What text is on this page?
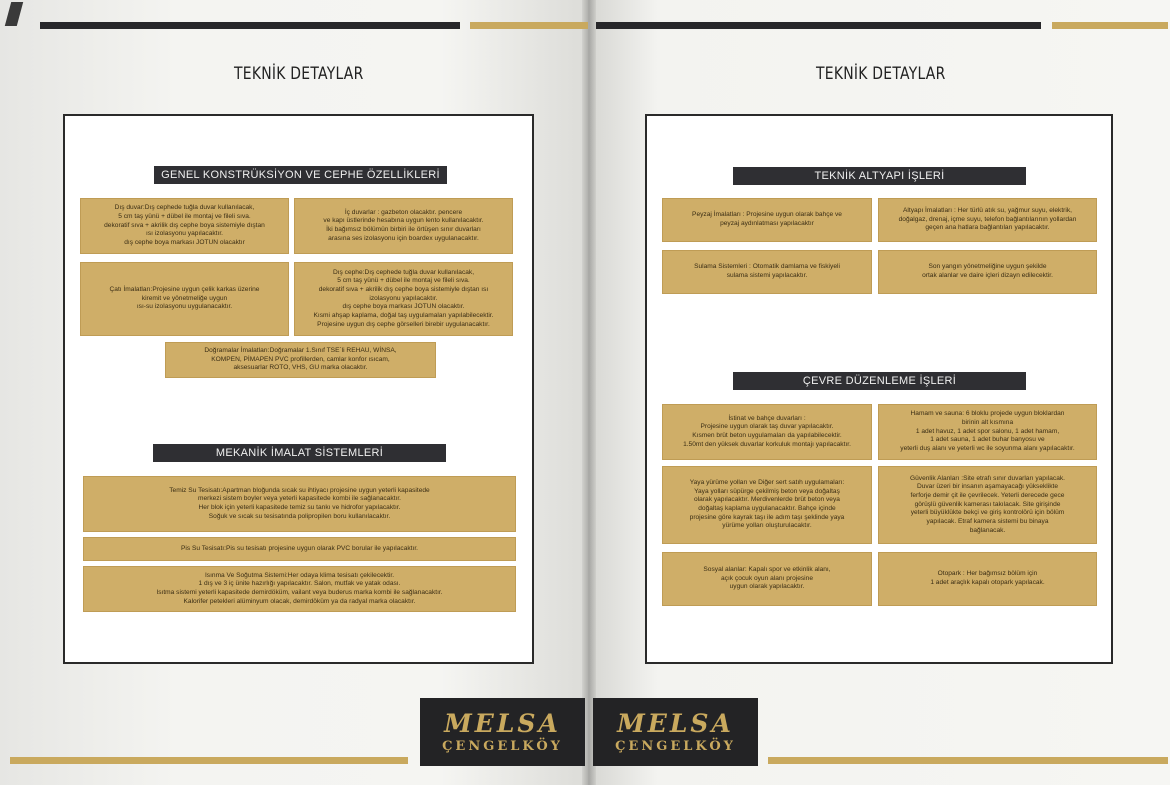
TEKNİK DETAYLAR	TEKNİK DETAYLAR
GENEL KONSTRÜKSİYON VE CEPHE ÖZELLİKLERİ
Dış duvar:Dış cephede tuğla duvar kullanılacak,
5 cm taş yünü + dübel ile montaj ve fileli sıva.
dekoratif sıva + akrilik dış cephe boya sistemiyle dıştan
ısı izolasyonu yapılacaktır.
dış cephe boya markası JOTUN olacaktır
İç duvarlar : gazbeton olacaktır. pencere
ve kapı üstlerinde hesabına uygun lento kullanılacaktır.
İki bağımsız bölümün birbiri ile örtüşen sınır duvarları
arasına ses izolasyonu için boardex uygulanacaktır.
Çatı İmalatları:Projesine uygun çelik karkas üzerine
kiremit ve yönetmeliğe uygun
ısı-su izolasyonu uygulanacaktır.
Dış cephe:Dış cephede tuğla duvar kullanılacak,
5 cm taş yünü + dübel ile montaj ve fileli sıva.
dekoratif sıva + akrilik dış cephe boya sistemiyle dıştan ısı
izolasyonu yapılacaktır.
dış cephe boya markası JOTUN olacaktır.
Kısmi ahşap kaplama, doğal taş uygulamaları yapılabilecektir.
Projesine uygun dış cephe görselleri birebir uygulanacaktır.
Doğramalar İmalatları:Doğramalar 1.Sınıf TSE`li REHAU, WİNSA,
KOMPEN, PİMAPEN PVC profillerden, camlar konfor ısıcam,
aksesuarlar ROTO, VHS, GU marka olacaktır.
MEKANİK İMALAT SİSTEMLERİ
Temiz Su Tesisatı:Apartman bloğunda sıcak su ihtiyacı projesine uygun yeterli kapasitede
merkezi sistem boyler veya yeterli kapasitede kombi ile sağlanacaktır.
Her blok için yeterli kapasitede temiz su tankı ve hidrofor yapılacaktır.
Soğuk ve sıcak su tesisatında polipropilen boru kullanılacaktır.
Pis Su Tesisatı:Pis su tesisatı projesine uygun olarak PVC borular ile yapılacaktır.
Isınma Ve Soğutma Sistemi:Her odaya klima tesisatı çekilecektir.
1 dış ve 3 iç ünite hazırlığı yapılacaktır. Salon, mutfak ve yatak odası.
Isıtma sistemi yeterli kapasitede demirdöküm, vailant veya buderus marka kombi ile sağlanacaktır.
Kalorifer petekleri alüminyum olacak, demirdöküm ya da radyal marka olacaktır.
TEKNİK ALTYAPI İŞLERİ
Peyzaj İmalatları : Projesine uygun olarak bahçe ve
peyzaj aydınlatması yapılacaktır
Altyapı İmalatları : Her türlü atık su, yağmur suyu, elektrik,
doğalgaz, drenaj, içme suyu, telefon bağlantılarının yollardan
geçen ana hatlara bağlantıları yapılacaktır.
Sulama Sistemleri : Otomatik damlama ve fiskiyeli
sulama sistemi yapılacaktır.
Son yangın yönetmeliğine uygun şekilde
ortak alanlar ve daire içleri dizayn edilecektir.
ÇEVRE DÜZENLEME İŞLERİ
İstinat ve bahçe duvarları :
Projesine uygun olarak taş duvar yapılacaktır.
Kısmen brüt beton uygulamaları da yapılabilecektir.
1.50mt den yüksek duvarlar korkuluk montajı yapılacaktır.
Hamam ve sauna: 6 bloklu projede uygun bloklardan
birinin alt kısmına
1 adet havuz, 1 adet spor salonu, 1 adet hamam,
1 adet sauna, 1 adet buhar banyosu ve
yeterli duş alanı ve yeterli wc ile soyunma alanı yapılacaktır.
Yaya yürüme yolları ve Diğer sert satıh uygulamaları:
Yaya yolları süpürge çekilmiş beton veya doğaltaş
olarak yapılacaktır. Merdivenlerde brüt beton veya
doğaltaş kaplama uygulanacaktır. Bahçe içinde
projesine göre kayrak taşı ile adım taşı şeklinde yaya
yürüme yolları oluşturulacaktır.
Güvenlik Alanları :Site etrafı sınır duvarları yapılacak.
Duvar üzeri bir insanın aşamayacağı yükseklikte
ferforje demir çit ile çevrilecek. Yeterli derecede gece
görüşlü güvenlik kamerası takılacak. Site girişinde
yeterli büyüklükte bekçi ve giriş kontrolörü için bölüm
yapılacak. Etraf kamera sistemi bu binaya
bağlanacak.
Sosyal alanlar: Kapalı spor ve etkinlik alanı,
açık çocuk oyun alanı projesine
uygun olarak yapılacaktır.
Otopark : Her bağımsız bölüm için
1 adet araçlık kapalı otopark yapılacak.
MELSA
ÇENGELKÖY
MELSA
ÇENGELKÖY
